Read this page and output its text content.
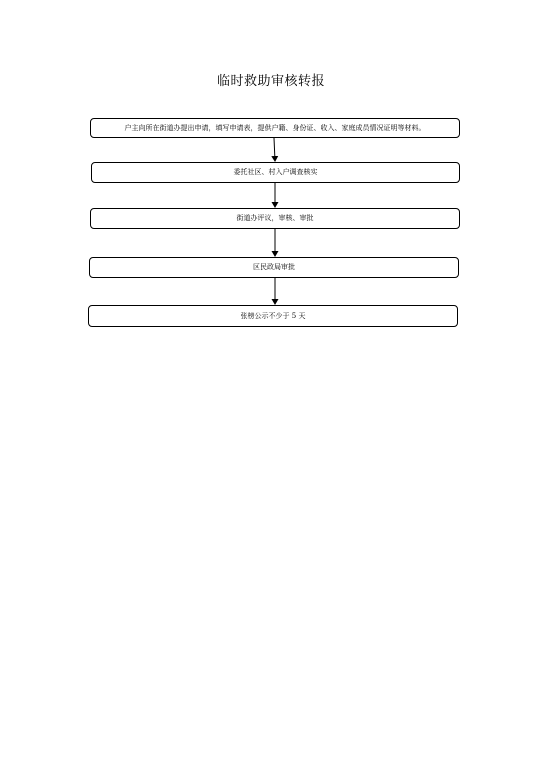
临时救助审核转报
户主向所在街道办提出申请，填写申请表，提供户籍、身份证、收入、家庭成员情况证明等材料。
委托社区、村入户调查核实
街道办评议，审核、审批
区民政局审批
张榜公示不少于 5 天
